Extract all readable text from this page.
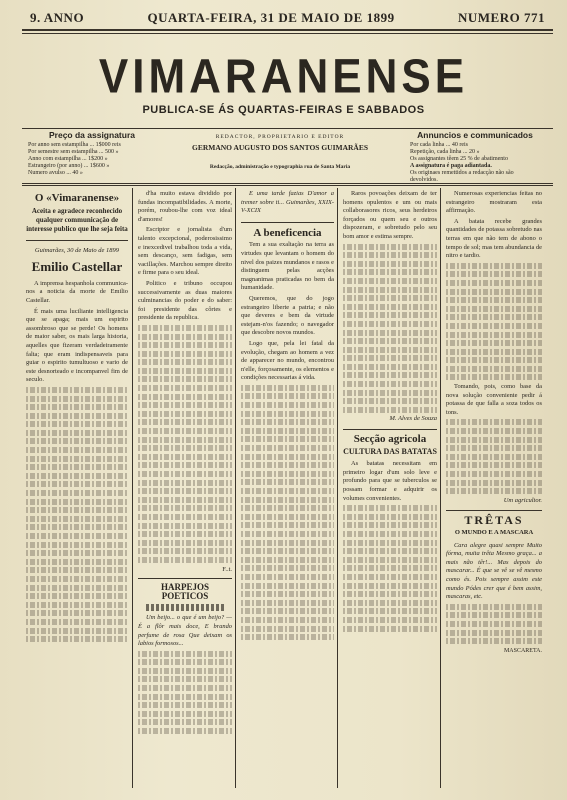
9. ANNO	QUARTA-FEIRA, 31 DE MAIO DE 1899	NUMERO 771
VIMARANENSE
PUBLICA-SE ÁS QUARTAS-FEIRAS E SABBADOS
Preço da assignatura
Por anno sem estampilha ... 1$000 reis
Por semestre sem estampilha ... 500 »
Anno com estampilha ... 1$200 »
Estrangeiro (por anno) ... 1$600 »
Numero avulso ... 40 »
REDACTOR, PROPRIETARIO E EDITOR
GERMANO AUGUSTO DOS SANTOS GUIMARÃES
Redacção, administração e typographia rua de Santa Maria
Annuncios e communicados
Por cada linha ... 40 reis
Repetição, cada linha ... 20 »
Os assignantes têem 25 % de abatimento
A assignatura é paga adiantada.
Os originaes remettidos a redacção não são devolvidos.
O «Vimaranense»
Aceita e agradece reconhecido qualquer communicação de interesse publico que lhe seja feita
Guimarães, 30 de Maio de 1899
Emilio Castellar

A imprensa hespanhola communica-nos a noticia da morte de Emilio Castellar.

É mais uma luciliante intelligencia que se apaga; mais um espirito assombroso que se perde! Os homens de maior saber, os mais larga historia, aquelles que fizeram verdadeiramente falta; que eram indispensaveis para guiar o espirito tumultuoso e vario de este desnorteado e incompanvel fim de seculo.

d'ha muito estava dividido por fundas incompatibilidades. A morte, porém, roubou-lhe com voz ideal d'amores!

Escriptor e jornalista d'um talento excepcional, poderosissimo e inexcedivel trabalhou toda a vida, sem descanço, sem fadigas, sem vacillações. Marchou sempre direito e firme para o seu ideal.

Politico e tribuno occupou successivamente as duas maiores culminancias do poder e do saber: foi presidente das côrtes e presidente da republica.

F..t.
HARPEJOS POETICOS

Um beijo... o que é um beijo? — É a flôr mais doce, E brando perfume de rosa Que deixam os labios formosos...

E uma tarde fazias D'amor a tremer sobre ti... Guimarães, XXIX-V-XCIX

A beneficencia

Tem a sua exaltação na terra as virtudes que levantam o homem do nivel dos paizes mundanos e rasos e distinguem pelas acções magnanimas praticadas no bem da humanidade.

Queremos, que do jogo estrangeiro liberte a patria; e não que deveres e bem da virtude estejam-n'os fazendo; o navegador que descobre novos mundos.

Logo que, pela lei fatal da evolução, chegam ao homem a vez de apparecer no mundo, encontrou n'elle, forçosamente, os elementos e condições necessarias á vida.

Raros povoações deixam de ter homens opulentos e um ou mais collaborasores ricos, seus herdeiros forçados ou quem seu e outros dispozeram, e sobretudo pelo seu bom amor e estima sempre.

M. Alves de Souza
Secção agricola
CULTURA DAS BATATAS

As batatas necessitam em primeiro logar d'um solo leve e profundo para que se tuberculos se possam formar e adquirir os volumes convenientes.

Numerosas experiencias feitas no estrangeiro mostraram esta affirmação.

A batata recebe grandes quantidades de potassa sobretudo nas terras em que não tem de abono o tempo de sol; mas tem abundancia de nitro e tardio.

Tomando, pois, como base da nova solução conveniente pedir á potassa de que falla a soza todos os tons.

Um agricultor.
TRÊTAS
O MUNDO E A MASCARA

Cara alegre quasi sempre Muito fórma, muita trêta Mesmo graça... a mais não têr!... Mas depois do mascarar... É que se vê se vê mesmo como és. Pois sempre assim este mundo Pódes crer que é bem assim, mascaras, etc.

MASCARETA.
